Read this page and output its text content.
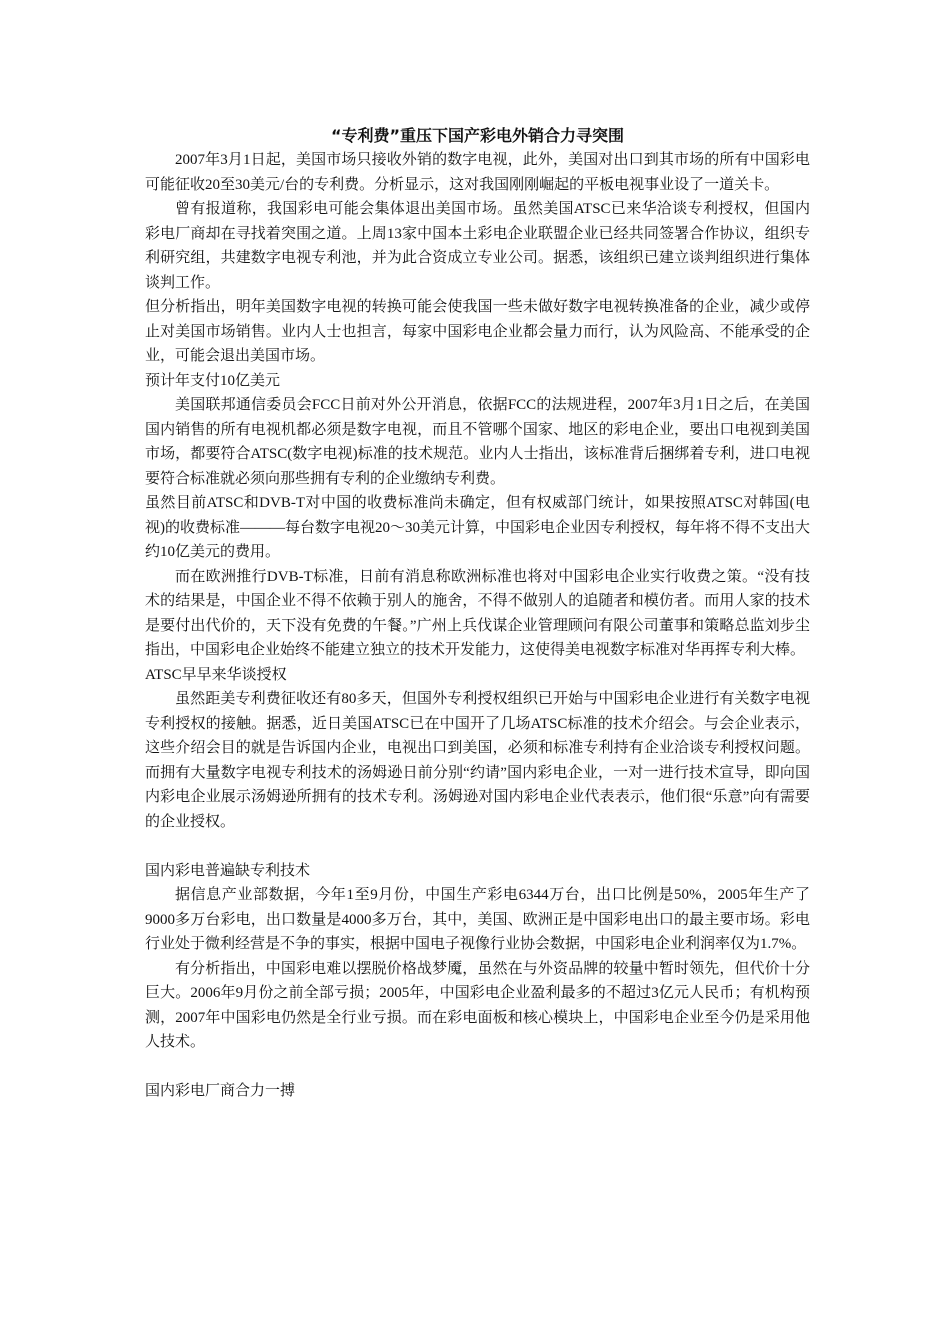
“专利费”重压下国产彩电外销合力寻突围

2007年3月1日起，美国市场只接收外销的数字电视，此外，美国对出口到其市场的所有中国彩电可能征收20至30美元/台的专利费。分析显示，这对我国刚刚崛起的平板电视事业设了一道关卡。

曾有报道称，我国彩电可能会集体退出美国市场。虽然美国ATSC已来华洽谈专利授权，但国内彩电厂商却在寻找着突围之道。上周13家中国本土彩电企业联盟企业已经共同签署合作协议，组织专利研究组，共建数字电视专利池，并为此合资成立专业公司。据悉，该组织已建立谈判组织进行集体谈判工作。

但分析指出，明年美国数字电视的转换可能会使我国一些未做好数字电视转换准备的企业，减少或停止对美国市场销售。业内人士也担言，每家中国彩电企业都会量力而行，认为风险高、不能承受的企业，可能会退出美国市场。

预计年支付10亿美元

美国联邦通信委员会FCC日前对外公开消息，依据FCC的法规进程，2007年3月1日之后，在美国国内销售的所有电视机都必须是数字电视，而且不管哪个国家、地区的彩电企业，要出口电视到美国市场，都要符合ATSC(数字电视)标准的技术规范。业内人士指出，该标准背后捆绑着专利，进口电视要符合标准就必须向那些拥有专利的企业缴纳专利费。

虽然目前ATSC和DVB-T对中国的收费标准尚未确定，但有权威部门统计，如果按照ATSC对韩国(电视)的收费标准———每台数字电视20～30美元计算，中国彩电企业因专利授权，每年将不得不支出大约10亿美元的费用。

而在欧洲推行DVB-T标准，日前有消息称欧洲标准也将对中国彩电企业实行收费之策。“没有技术的结果是，中国企业不得不依赖于别人的施舍，不得不做别人的追随者和模仿者。而用人家的技术是要付出代价的，天下没有免费的午餐。”广州上兵伐谋企业管理顾问有限公司董事和策略总监刘步尘指出，中国彩电企业始终不能建立独立的技术开发能力，这使得美电视数字标准对华再挥专利大棒。

ATSC早早来华谈授权

虽然距美专利费征收还有80多天，但国外专利授权组织已开始与中国彩电企业进行有关数字电视专利授权的接触。据悉，近日美国ATSC已在中国开了几场ATSC标准的技术介绍会。与会企业表示，这些介绍会目的就是告诉国内企业，电视出口到美国，必须和标准专利持有企业洽谈专利授权问题。 而拥有大量数字电视专利技术的汤姆逊日前分别“约请”国内彩电企业，一对一进行技术宣导，即向国内彩电企业展示汤姆逊所拥有的技术专利。汤姆逊对国内彩电企业代表表示，他们很“乐意”向有需要的企业授权。

国内彩电普遍缺专利技术

据信息产业部数据，今年1至9月份，中国生产彩电6344万台，出口比例是50%，2005年生产了9000多万台彩电，出口数量是4000多万台，其中，美国、欧洲正是中国彩电出口的最主要市场。彩电行业处于微利经营是不争的事实，根据中国电子视像行业协会数据，中国彩电企业利润率仅为1.7%。

有分析指出，中国彩电难以摆脱价格战梦魇，虽然在与外资品牌的较量中暂时领先，但代价十分巨大。2006年9月份之前全部亏损；2005年，中国彩电企业盈利最多的不超过3亿元人民币；有机构预测，2007年中国彩电仍然是全行业亏损。而在彩电面板和核心模块上，中国彩电企业至今仍是采用他人技术。

国内彩电厂商合力一搏
